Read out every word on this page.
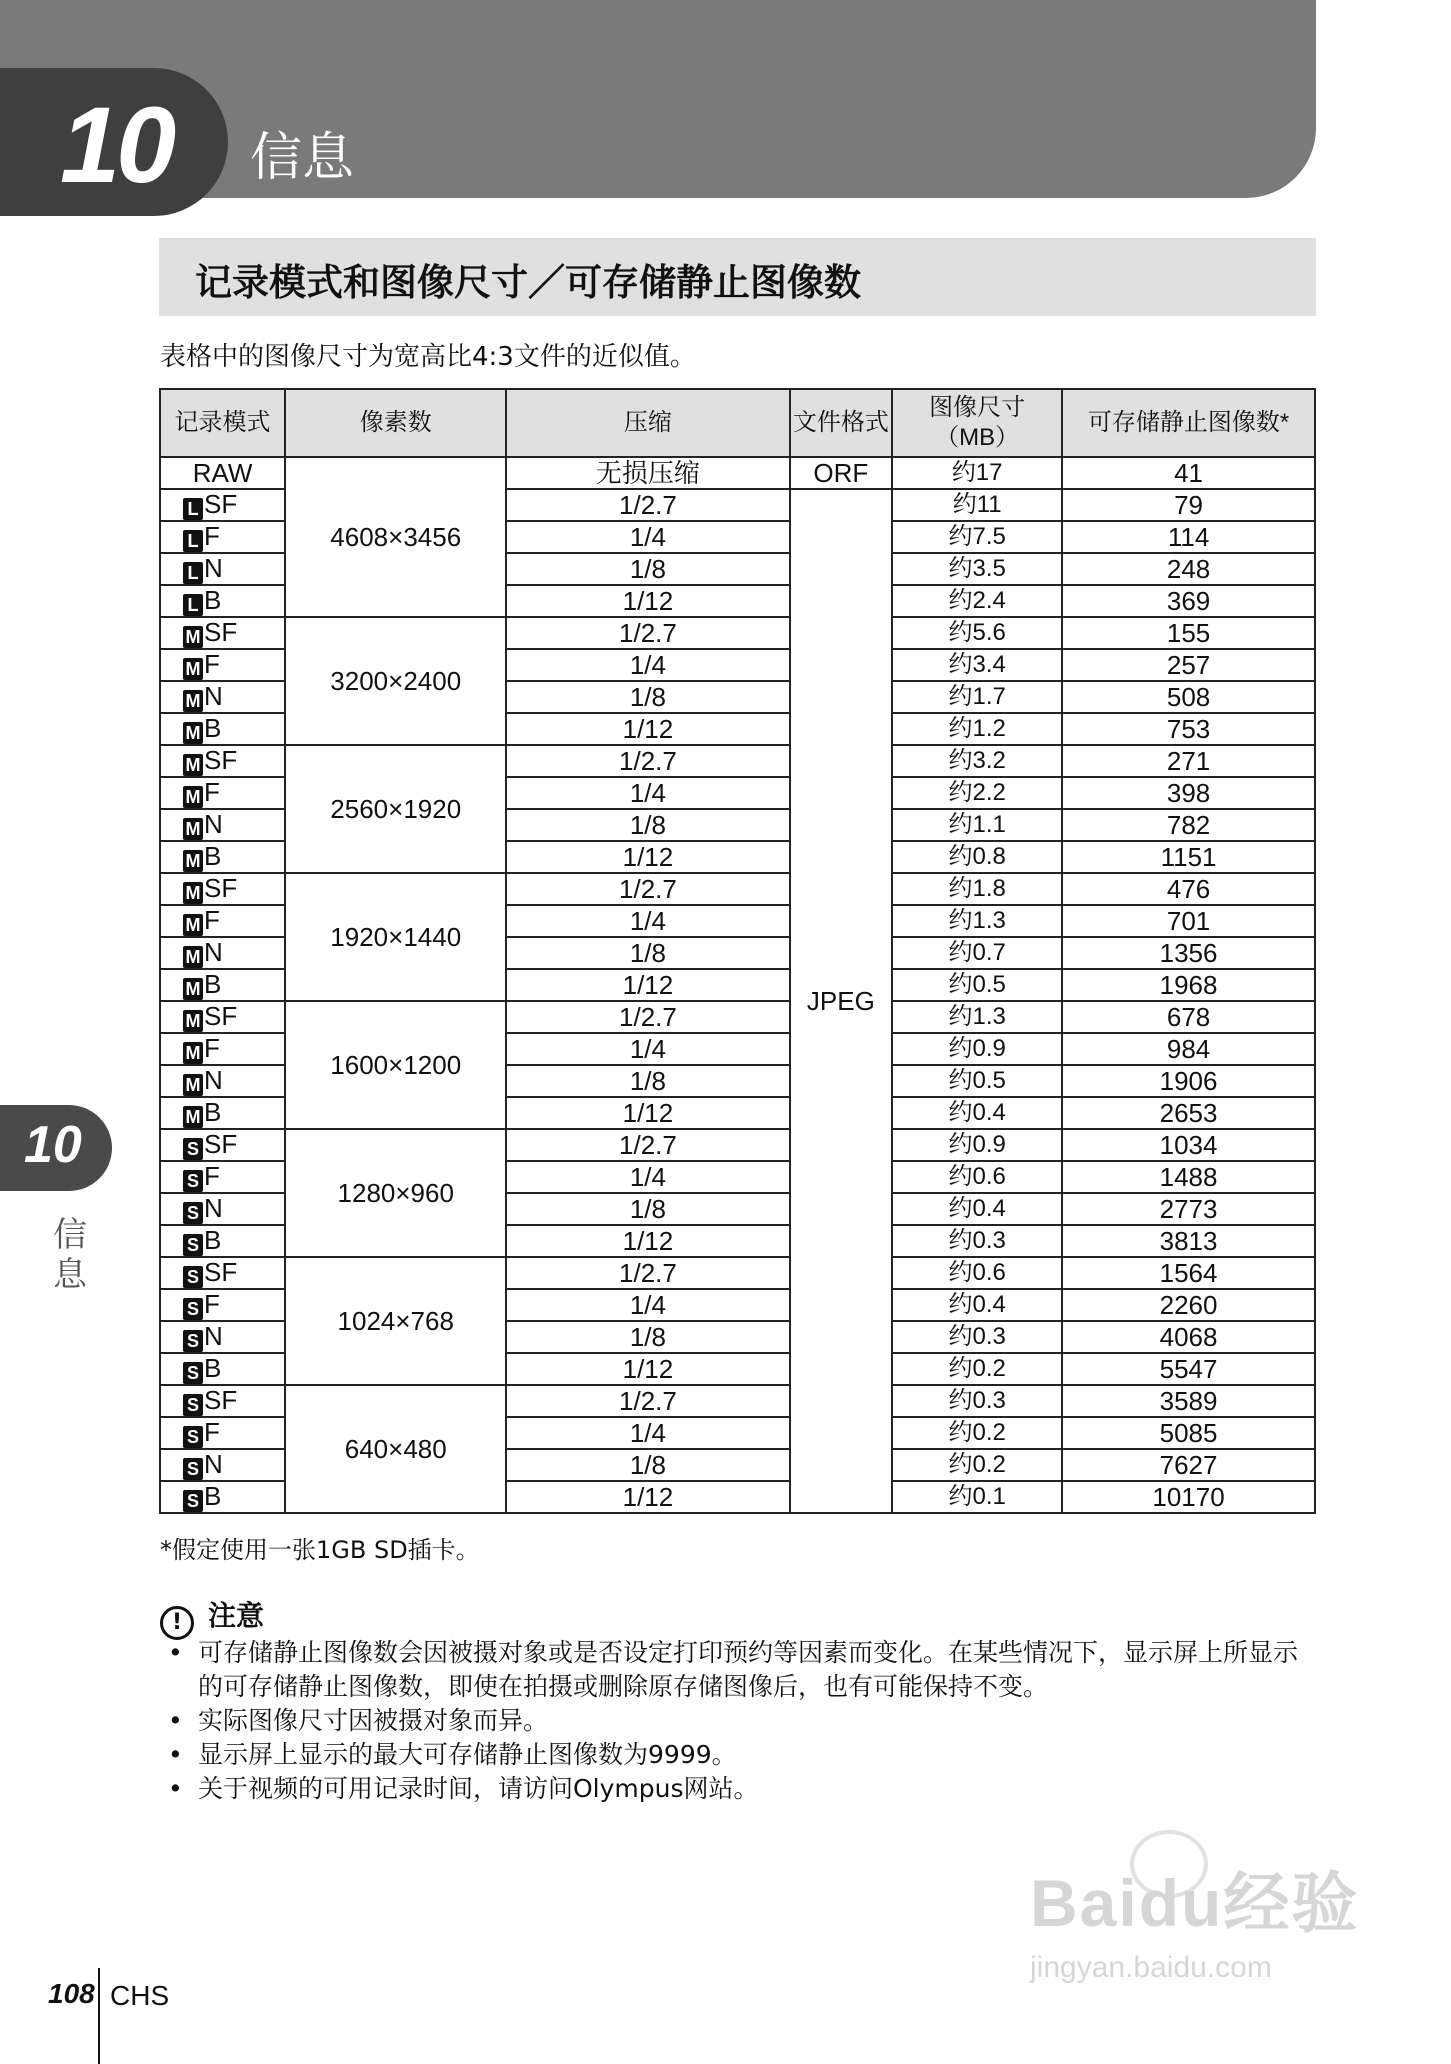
10 信息
记录模式和图像尺寸／可存储静止图像数
表格中的图像尺寸为宽高比4:3文件的近似值。
记录模式	像素数	压缩	文件格式	图像尺寸（MB）	可存储静止图像数*
RAW	4608×3456	无损压缩	ORF	约17	41
L SF		1/2.7	JPEG	约11	79
L F		1/4		约7.5	114
L N		1/8		约3.5	248
L B		1/12		约2.4	369
M SF	3200×2400	1/2.7		约5.6	155
M F		1/4		约3.4	257
M N		1/8		约1.7	508
M B		1/12		约1.2	753
M SF	2560×1920	1/2.7		约3.2	271
M F		1/4		约2.2	398
M N		1/8		约1.1	782
M B		1/12		约0.8	1151
M SF	1920×1440	1/2.7		约1.8	476
M F		1/4		约1.3	701
M N		1/8		约0.7	1356
M B		1/12		约0.5	1968
M SF	1600×1200	1/2.7		约1.3	678
M F		1/4		约0.9	984
M N		1/8		约0.5	1906
M B		1/12		约0.4	2653
S SF	1280×960	1/2.7		约0.9	1034
S F		1/4		约0.6	1488
S N		1/8		约0.4	2773
S B		1/12		约0.3	3813
S SF	1024×768	1/2.7		约0.6	1564
S F		1/4		约0.4	2260
S N		1/8		约0.3	4068
S B		1/12		约0.2	5547
S SF	640×480	1/2.7		约0.3	3589
S F		1/4		约0.2	5085
S N		1/8		约0.2	7627
S B		1/12		约0.1	10170
*假定使用一张1GB SD插卡。
! 注意
• 可存储静止图像数会因被摄对象或是否设定打印预约等因素而变化。在某些情况下，显示屏上所显示的可存储静止图像数，即使在拍摄或删除原存储图像后，也有可能保持不变。
• 实际图像尺寸因被摄对象而异。
• 显示屏上显示的最大可存储静止图像数为9999。
• 关于视频的可用记录时间，请访问Olympus网站。
10
信息
108 CHS
Baidu经验
jingyan.baidu.com
